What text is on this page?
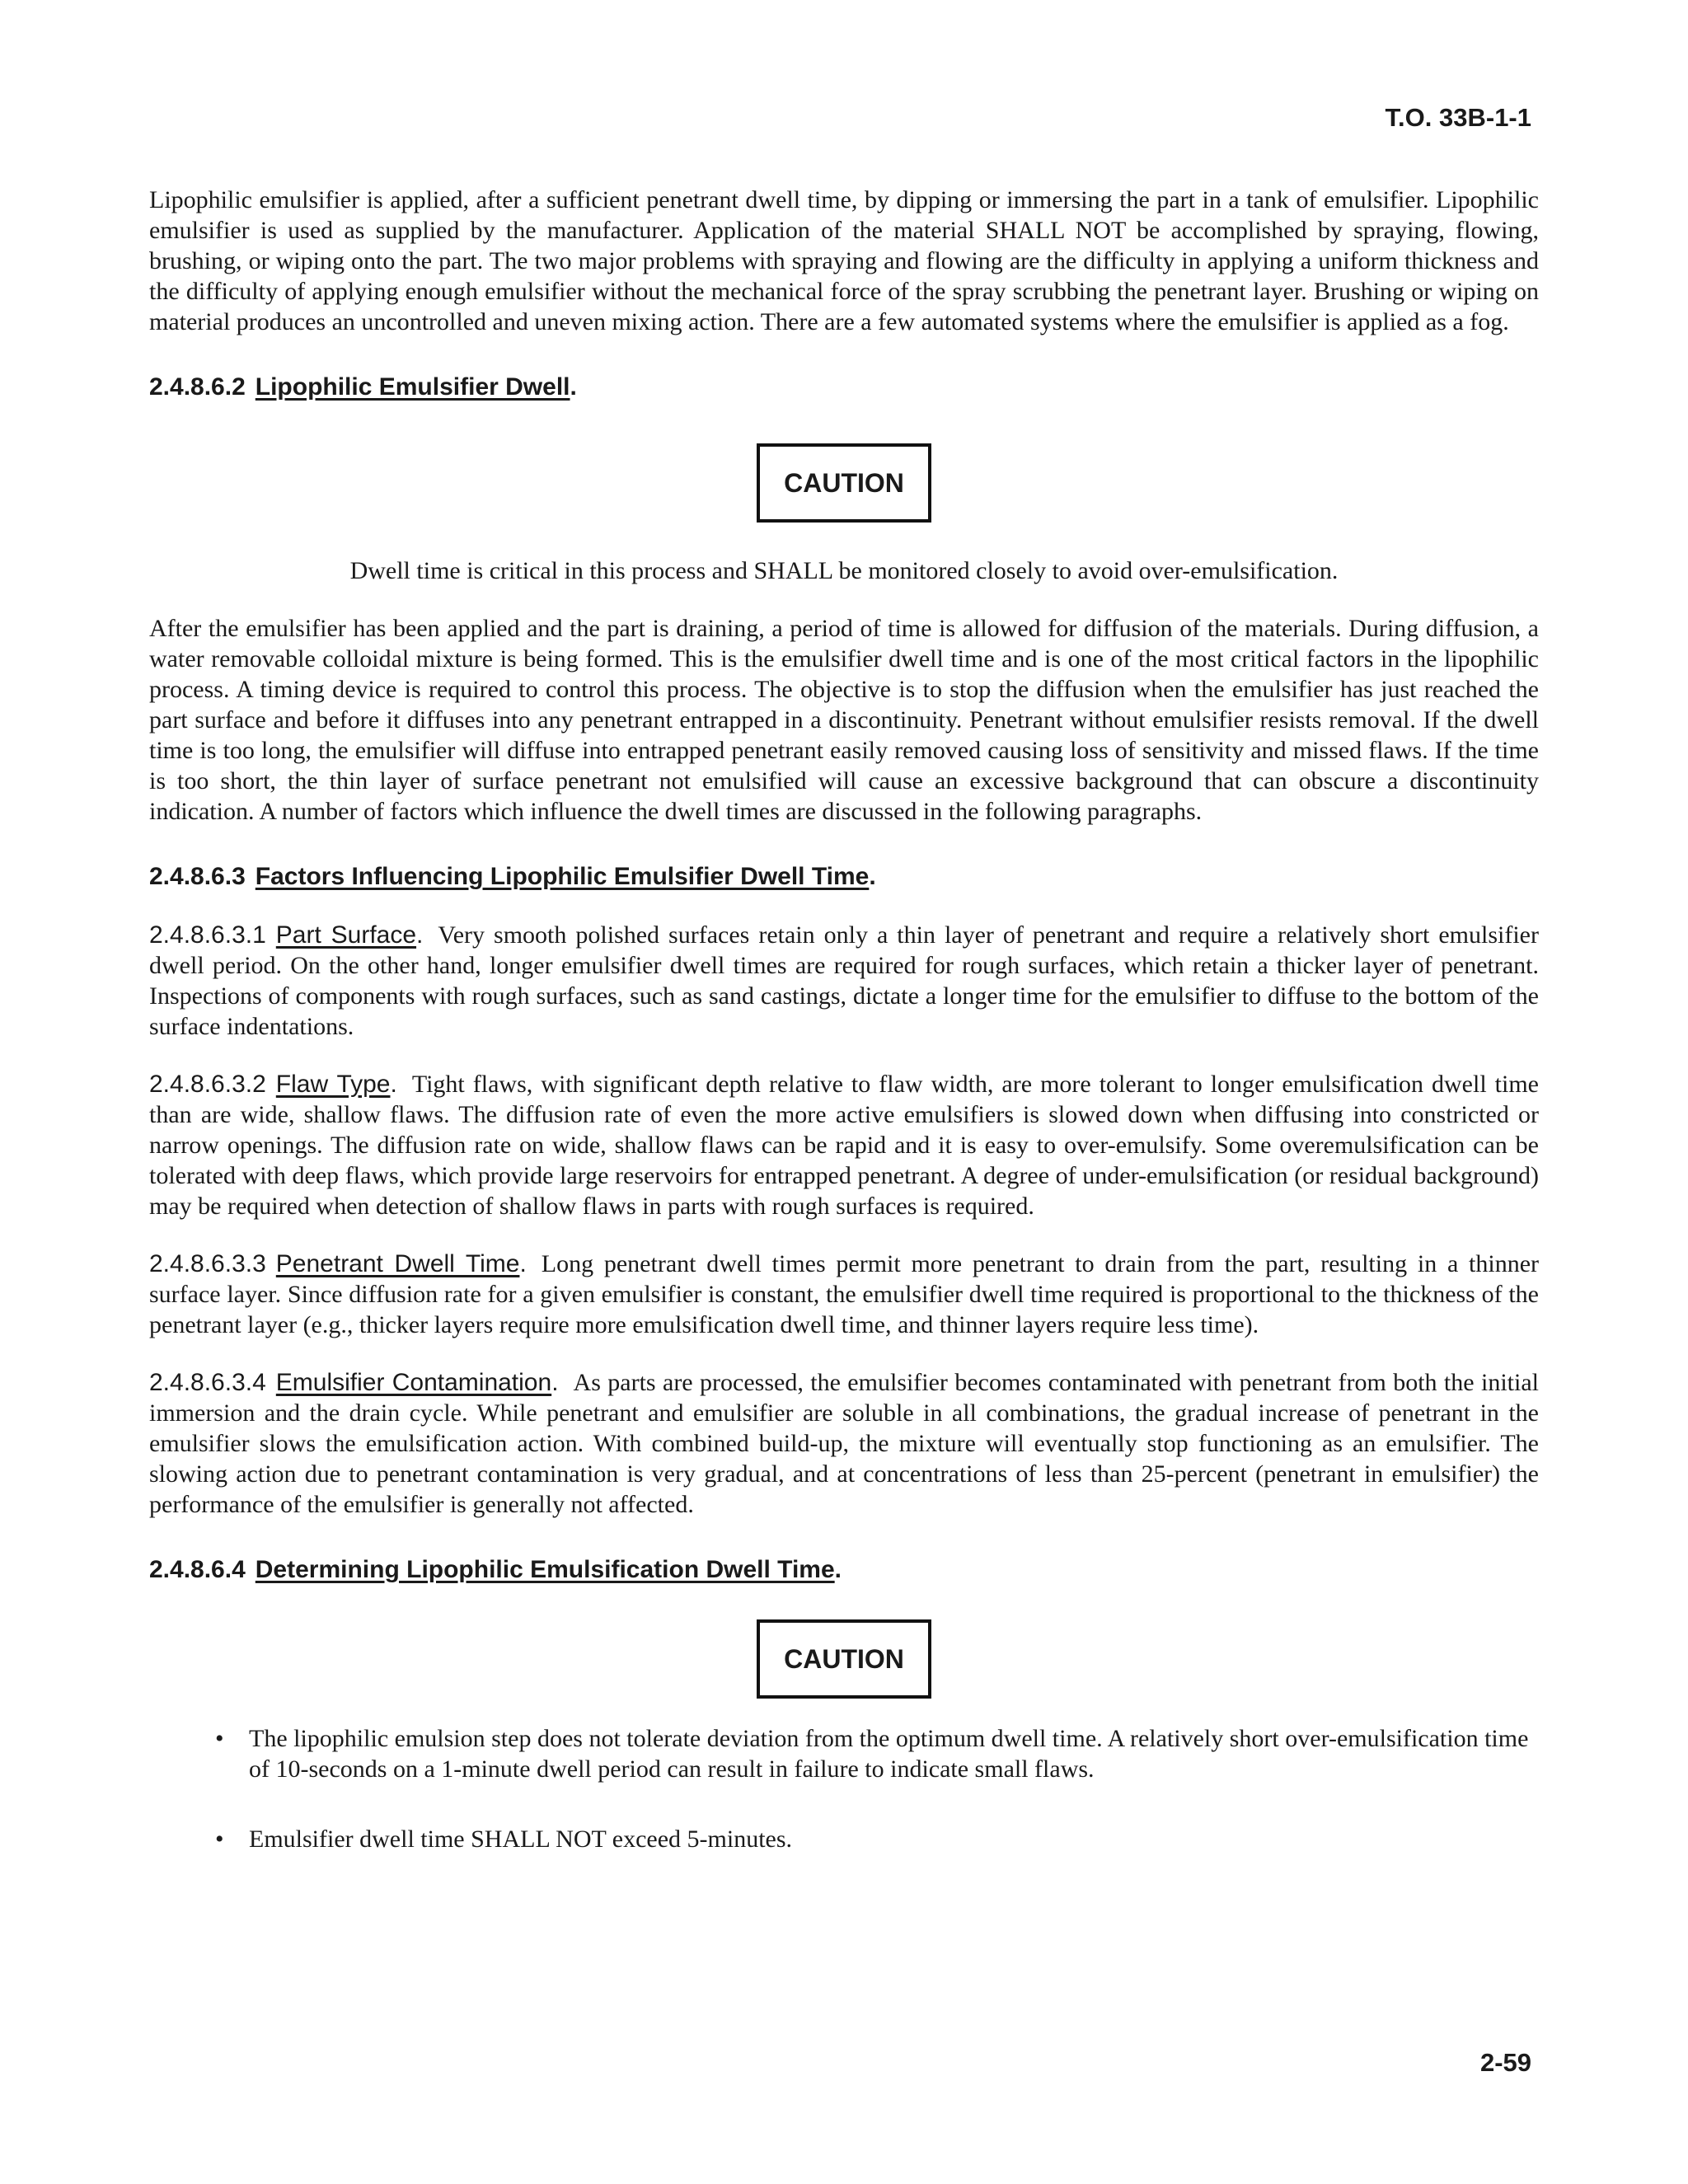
T.O. 33B-1-1

Lipophilic emulsifier is applied, after a sufficient penetrant dwell time, by dipping or immersing the part in a tank of emulsifier. Lipophilic emulsifier is used as supplied by the manufacturer. Application of the material SHALL NOT be accomplished by spraying, flowing, brushing, or wiping onto the part. The two major problems with spraying and flowing are the difficulty in applying a uniform thickness and the difficulty of applying enough emulsifier without the mechanical force of the spray scrubbing the penetrant layer. Brushing or wiping on material produces an uncontrolled and uneven mixing action. There are a few automated systems where the emulsifier is applied as a fog.

2.4.8.6.2 Lipophilic Emulsifier Dwell.
CAUTION

Dwell time is critical in this process and SHALL be monitored closely to avoid over-emulsification.

After the emulsifier has been applied and the part is draining, a period of time is allowed for diffusion of the materials. During diffusion, a water removable colloidal mixture is being formed. This is the emulsifier dwell time and is one of the most critical factors in the lipophilic process. A timing device is required to control this process. The objective is to stop the diffusion when the emulsifier has just reached the part surface and before it diffuses into any penetrant entrapped in a discontinuity. Penetrant without emulsifier resists removal. If the dwell time is too long, the emulsifier will diffuse into entrapped penetrant easily removed causing loss of sensitivity and missed flaws. If the time is too short, the thin layer of surface penetrant not emulsified will cause an excessive background that can obscure a discontinuity indication. A number of factors which influence the dwell times are discussed in the following paragraphs.

2.4.8.6.3 Factors Influencing Lipophilic Emulsifier Dwell Time.

2.4.8.6.3.1 Part Surface. Very smooth polished surfaces retain only a thin layer of penetrant and require a relatively short emulsifier dwell period. On the other hand, longer emulsifier dwell times are required for rough surfaces, which retain a thicker layer of penetrant. Inspections of components with rough surfaces, such as sand castings, dictate a longer time for the emulsifier to diffuse to the bottom of the surface indentations.

2.4.8.6.3.2 Flaw Type. Tight flaws, with significant depth relative to flaw width, are more tolerant to longer emulsification dwell time than are wide, shallow flaws. The diffusion rate of even the more active emulsifiers is slowed down when diffusing into constricted or narrow openings. The diffusion rate on wide, shallow flaws can be rapid and it is easy to over-emulsify. Some overemulsification can be tolerated with deep flaws, which provide large reservoirs for entrapped penetrant. A degree of under-emulsification (or residual background) may be required when detection of shallow flaws in parts with rough surfaces is required.

2.4.8.6.3.3 Penetrant Dwell Time. Long penetrant dwell times permit more penetrant to drain from the part, resulting in a thinner surface layer. Since diffusion rate for a given emulsifier is constant, the emulsifier dwell time required is proportional to the thickness of the penetrant layer (e.g., thicker layers require more emulsification dwell time, and thinner layers require less time).

2.4.8.6.3.4 Emulsifier Contamination. As parts are processed, the emulsifier becomes contaminated with penetrant from both the initial immersion and the drain cycle. While penetrant and emulsifier are soluble in all combinations, the gradual increase of penetrant in the emulsifier slows the emulsification action. With combined build-up, the mixture will eventually stop functioning as an emulsifier. The slowing action due to penetrant contamination is very gradual, and at concentrations of less than 25-percent (penetrant in emulsifier) the performance of the emulsifier is generally not affected.

2.4.8.6.4 Determining Lipophilic Emulsification Dwell Time.
CAUTION
• The lipophilic emulsion step does not tolerate deviation from the optimum dwell time. A relatively short over-emulsification time of 10-seconds on a 1-minute dwell period can result in failure to indicate small flaws.
• Emulsifier dwell time SHALL NOT exceed 5-minutes.

2-59
